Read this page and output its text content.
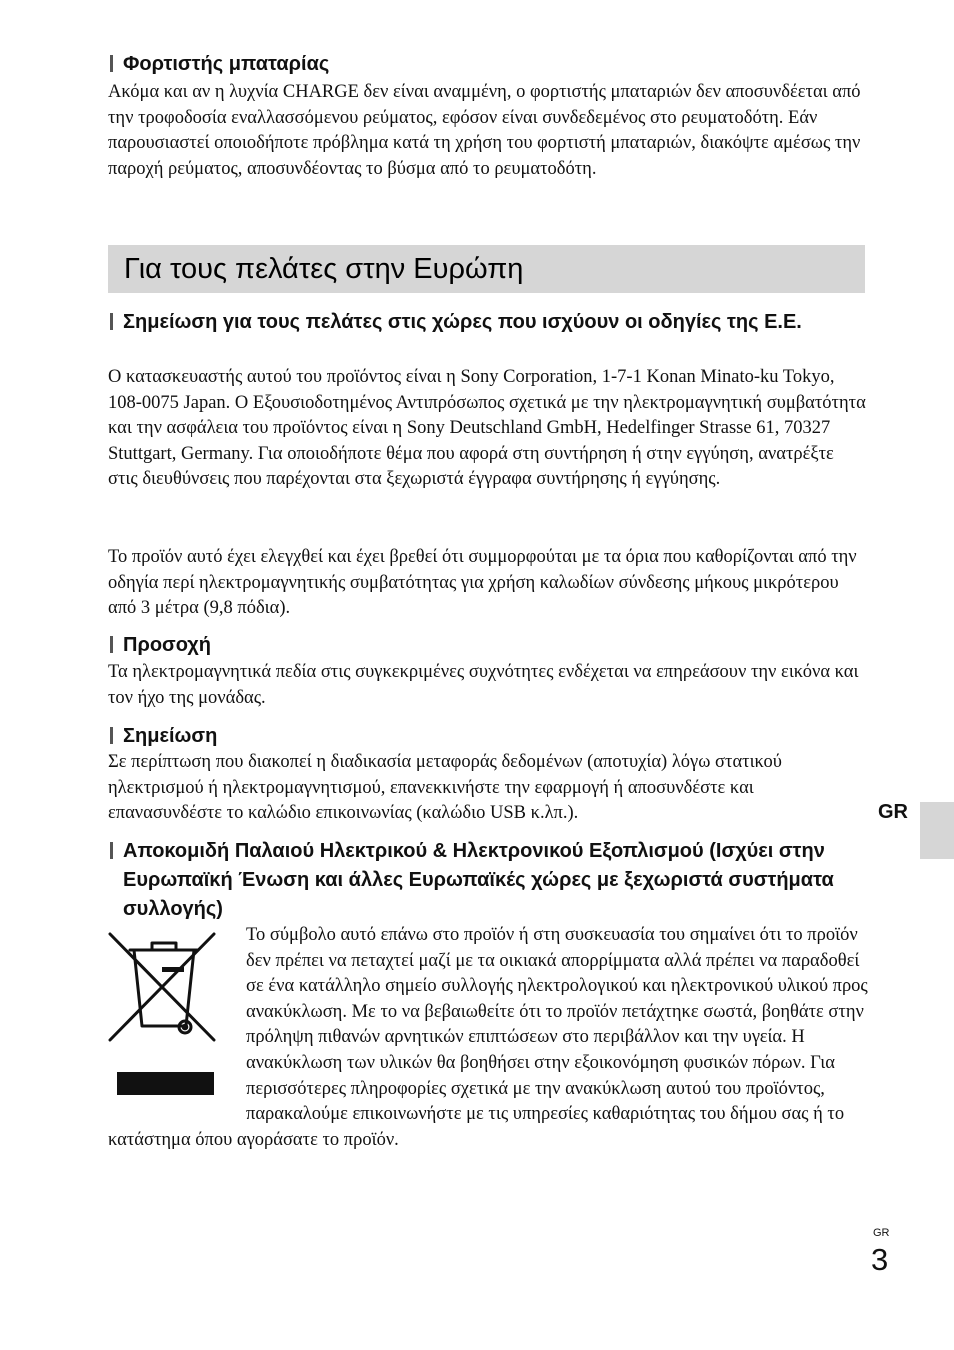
Φορτιστής μπαταρίας

Ακόμα και αν η λυχνία CHARGE δεν είναι αναμμένη, ο φορτιστής μπαταριών δεν αποσυνδέεται από την τροφοδοσία εναλλασσόμενου ρεύματος, εφόσον είναι συνδεδεμένος στο ρευματοδότη. Εάν παρουσιαστεί οποιοδήποτε πρόβλημα κατά τη χρήση του φορτιστή μπαταριών, διακόψτε αμέσως την παροχή ρεύματος, αποσυνδέοντας το βύσμα από το ρευματοδότη.

Για τους πελάτες στην Ευρώπη
Σημείωση για τους πελάτες στις χώρες που ισχύουν οι οδηγίες της Ε.Ε.

Ο κατασκευαστής αυτού του προϊόντος είναι η Sony Corporation, 1-7-1 Konan Minato-ku Tokyo, 108-0075 Japan. Ο Εξουσιοδοτημένος Αντιπρόσωπος σχετικά με την ηλεκτρομαγνητική συμβατότητα και την ασφάλεια του προϊόντος είναι η Sony Deutschland GmbH, Hedelfinger Strasse 61, 70327 Stuttgart, Germany. Για οποιοδήποτε θέμα που αφορά στη συντήρηση ή στην εγγύηση, ανατρέξτε στις διευθύνσεις που παρέχονται στα ξεχωριστά έγγραφα συντήρησης ή εγγύησης.

Το προϊόν αυτό έχει ελεγχθεί και έχει βρεθεί ότι συμμορφούται με τα όρια που καθορίζονται από την οδηγία περί ηλεκτρομαγνητικής συμβατότητας για χρήση καλωδίων σύνδεσης μήκους μικρότερου από 3 μέτρα (9,8 πόδια).

Προσοχή

Τα ηλεκτρομαγνητικά πεδία στις συγκεκριμένες συχνότητες ενδέχεται να επηρεάσουν την εικόνα και τον ήχο της μονάδας.

Σημείωση

Σε περίπτωση που διακοπεί η διαδικασία μεταφοράς δεδομένων (αποτυχία) λόγω στατικού ηλεκτρισμού ή ηλεκτρομαγνητισμού, επανεκκινήστε την εφαρμογή ή αποσυνδέστε και επανασυνδέστε το καλώδιο επικοινωνίας (καλώδιο USB κ.λπ.).

Αποκομιδή Παλαιού Ηλεκτρικού & Ηλεκτρονικού Εξοπλισμού (Ισχύει στην Ευρωπαϊκή Ένωση και άλλες Ευρωπαϊκές χώρες με ξεχωριστά συστήματα συλλογής)

Το σύμβολο αυτό επάνω στο προϊόν ή στη συσκευασία του σημαίνει ότι το προϊόν δεν πρέπει να πεταχτεί μαζί με τα οικιακά απορρίμματα αλλά πρέπει να παραδοθεί σε ένα κατάλληλο σημείο συλλογής ηλεκτρολογικού και ηλεκτρονικού υλικού προς ανακύκλωση. Με το να βεβαιωθείτε ότι το προϊόν πετάχτηκε σωστά, βοηθάτε στην πρόληψη πιθανών αρνητικών επιπτώσεων στο περιβάλλον και την υγεία. Η ανακύκλωση των υλικών θα βοηθήσει στην εξοικονόμηση φυσικών πόρων. Για περισσότερες πληροφορίες σχετικά με την ανακύκλωση αυτού του προϊόντος, παρακαλούμε επικοινωνήστε με τις υπηρεσίες καθαριότητας του δήμου σας ή το κατάστημα όπου αγοράσατε το προϊόν.

GR
GR
3
